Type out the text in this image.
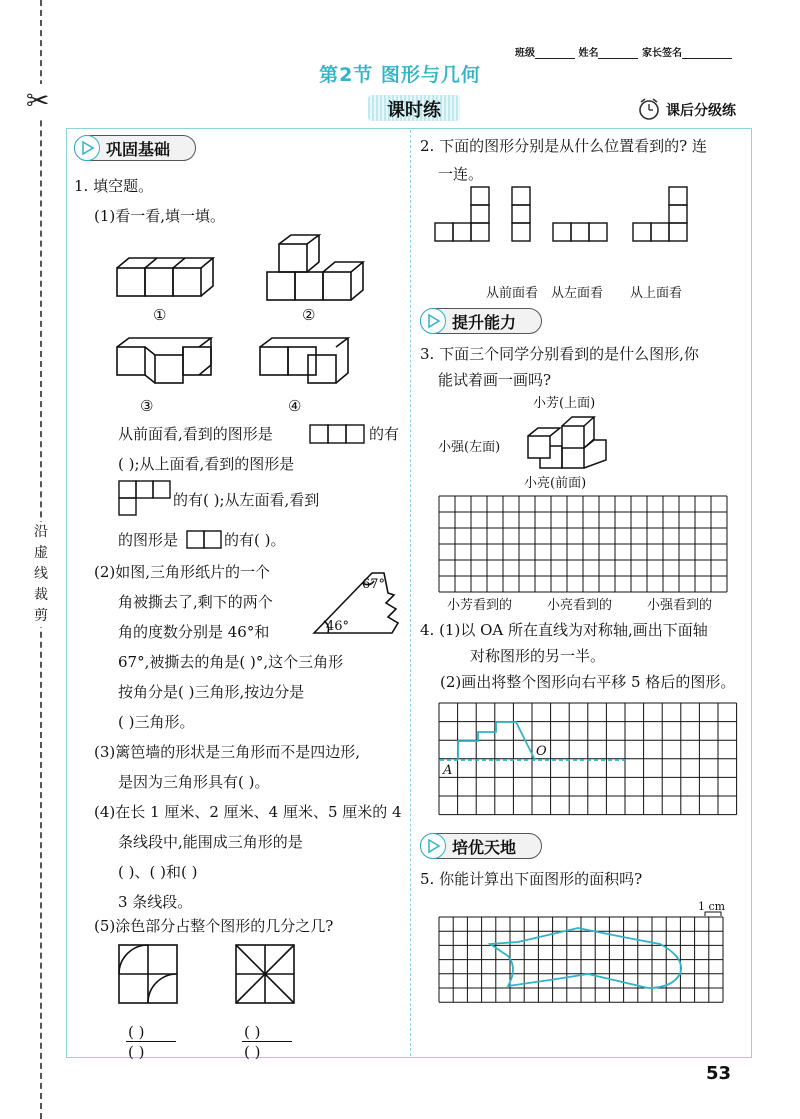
✂
沿虚线裁剪
班级	姓名	家长签名
第2节 图形与几何
课时练	课后分级练
巩固基础
1. 填空题。
(1)看一看,填一填。
①	②
③	④
从前面看,看到的图形是	的有
( );从上面看,看到的图形是
的有( );从左面看,看到
的图形是	的有( )。
(2)如图,三角形纸片的一个
角被撕去了,剩下的两个
角的度数分别是 46°和
67°
46°
67°,被撕去的角是( )°,这个三角形
按角分是( )三角形,按边分是
( )三角形。
(3)篱笆墙的形状是三角形而不是四边形,
是因为三角形具有( )。
(4)在长 1 厘米、2 厘米、4 厘米、5 厘米的 4
条线段中,能围成三角形的是
( )、( )和( )
3 条线段。
(5)涂色部分占整个图形的几分之几?
( )
( )
( )
( )
2. 下面的图形分别是从什么位置看到的? 连
一连。
从前面看 从左面看 从上面看
提升能力
3. 下面三个同学分别看到的是什么图形,你
能试着画一画吗?
小芳(上面)
小强(左面)
小亮(前面)
小芳看到的	小亮看到的	小强看到的
4. (1)以 OA 所在直线为对称轴,画出下面轴
对称图形的另一半。
(2)画出将整个图形向右平移 5 格后的图形。
O
A
培优天地
5. 你能计算出下面图形的面积吗?
1 cm
53
